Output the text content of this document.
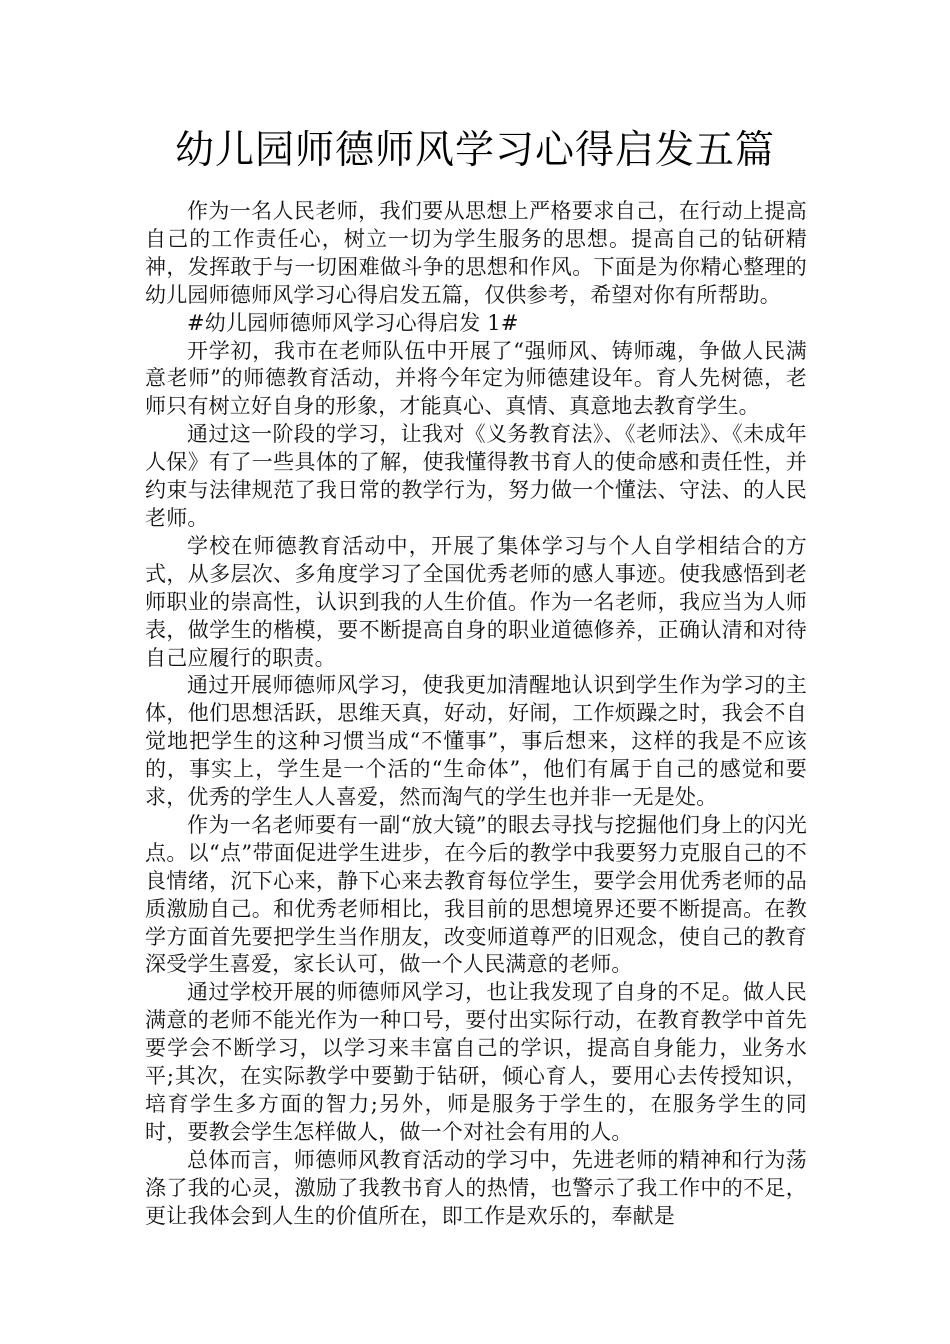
幼儿园师德师风学习心得启发五篇

作为一名人民老师，我们要从思想上严格要求自己，在行动上提高自己的工作责任心，树立一切为学生服务的思想。提高自己的钻研精神，发挥敢于与一切困难做斗争的思想和作风。下面是为你精心整理的幼儿园师德师风学习心得启发五篇，仅供参考，希望对你有所帮助。

#幼儿园师德师风学习心得启发 1#

开学初，我市在老师队伍中开展了“强师风、铸师魂，争做人民满意老师”的师德教育活动，并将今年定为师德建设年。育人先树德，老师只有树立好自身的形象，才能真心、真情、真意地去教育学生。

通过这一阶段的学习，让我对《义务教育法》、《老师法》、《未成年人保》有了一些具体的了解，使我懂得教书育人的使命感和责任性，并约束与法律规范了我日常的教学行为，努力做一个懂法、守法、的人民老师。

学校在师德教育活动中，开展了集体学习与个人自学相结合的方式，从多层次、多角度学习了全国优秀老师的感人事迹。使我感悟到老师职业的崇高性，认识到我的人生价值。作为一名老师，我应当为人师表，做学生的楷模，要不断提高自身的职业道德修养，正确认清和对待自己应履行的职责。

通过开展师德师风学习，使我更加清醒地认识到学生作为学习的主体，他们思想活跃，思维天真，好动，好闹，工作烦躁之时，我会不自觉地把学生的这种习惯当成“不懂事”，事后想来，这样的我是不应该的，事实上，学生是一个活的“生命体”，他们有属于自己的感觉和要求，优秀的学生人人喜爱，然而淘气的学生也并非一无是处。

作为一名老师要有一副“放大镜”的眼去寻找与挖掘他们身上的闪光点。以“点”带面促进学生进步，在今后的教学中我要努力克服自己的不良情绪，沉下心来，静下心来去教育每位学生，要学会用优秀老师的品质激励自己。和优秀老师相比，我目前的思想境界还要不断提高。在教学方面首先要把学生当作朋友，改变师道尊严的旧观念，使自己的教育深受学生喜爱，家长认可，做一个人民满意的老师。

通过学校开展的师德师风学习，也让我发现了自身的不足。做人民满意的老师不能光作为一种口号，要付出实际行动，在教育教学中首先要学会不断学习，以学习来丰富自己的学识，提高自身能力，业务水平;其次，在实际教学中要勤于钻研，倾心育人，要用心去传授知识，培育学生多方面的智力;另外，师是服务于学生的，在服务学生的同时，要教会学生怎样做人，做一个对社会有用的人。

总体而言，师德师风教育活动的学习中，先进老师的精神和行为荡涤了我的心灵，激励了我教书育人的热情，也警示了我工作中的不足，更让我体会到人生的价值所在，即工作是欢乐的，奉献是
